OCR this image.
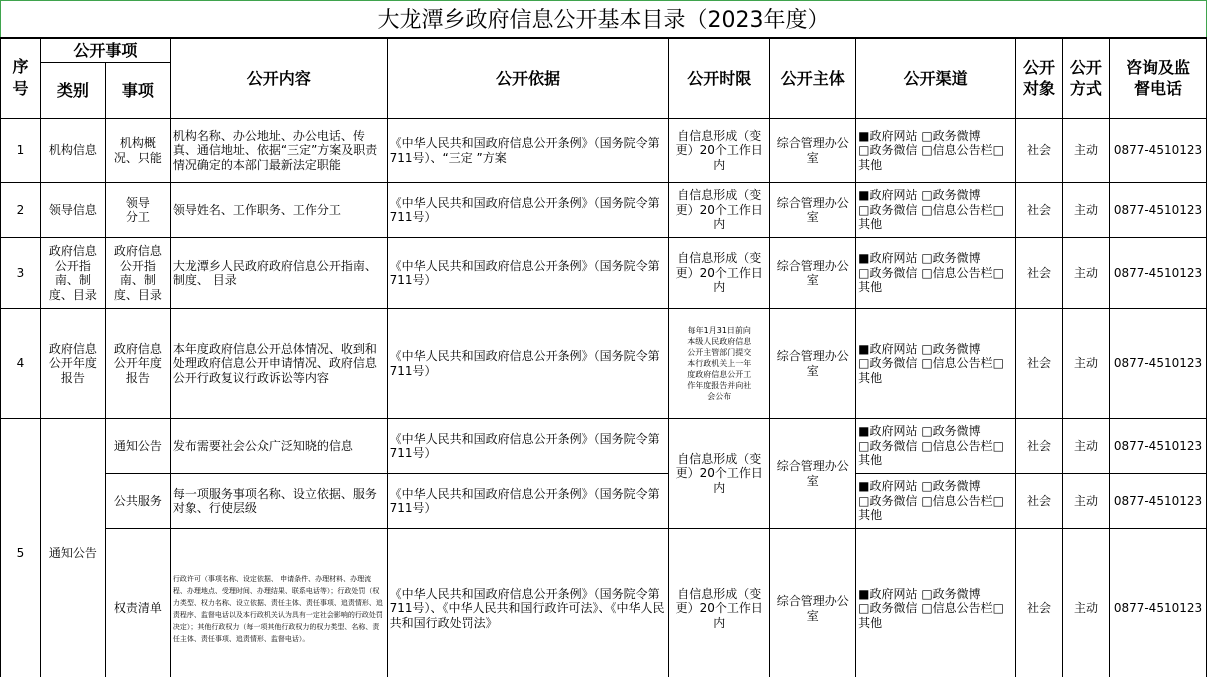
大龙潭乡政府信息公开基本目录（2023年度）										
序号	公开事项		公开内容	公开依据	公开时限	公开主体	公开渠道	公开对象	公开方式	咨询及监督电话
	类别	事项								
1	机构信息	机构概况、只能	机构名称、办公地址、办公电话、传真、通信地址、依据“三定”方案及职责情况确定的本部门最新法定职能	《中华人民共和国政府信息公开条例》（国务院令第711号）、“三定 ”方案	自信息形成（变更）20个工作日内	综合管理办公室	■政府网站 □政务微博
□政务微信 □信息公告栏□其他	社会	主动	0877-4510123
2	领导信息	领导分工	领导姓名、工作职务、工作分工	《中华人民共和国政府信息公开条例》（国务院令第711号）	自信息形成（变更）20个工作日内	综合管理办公室	■政府网站 □政务微博
□政务微信 □信息公告栏□其他	社会	主动	0877-4510123
3	政府信息公开指南、制度、目录	政府信息公开指南、制度、目录	大龙潭乡人民政府政府信息公开指南、制度、 目录	《中华人民共和国政府信息公开条例》（国务院令第711号）	自信息形成（变更）20个工作日内	综合管理办公室	■政府网站 □政务微博
□政务微信 □信息公告栏□其他	社会	主动	0877-4510123
4	政府信息公开年度报告	政府信息公开年度报告	本年度政府信息公开总体情况、收到和处理政府信息公开申请情况、政府信息公开行政复议行政诉讼等内容	《中华人民共和国政府信息公开条例》（国务院令第711号）	每年1月31日前向本级人民政府信息公开主管部门提交本行政机关上一年度政府信息公开工作年度报告并向社会公布	综合管理办公室	■政府网站 □政务微博
□政务微信 □信息公告栏□其他	社会	主动	0877-4510123
5	通知公告	通知公告	发布需要社会公众广泛知晓的信息	《中华人民共和国政府信息公开条例》（国务院令第711号）	自信息形成（变更）20个工作日内	综合管理办公室	■政府网站 □政务微博
□政务微信 □信息公告栏□其他	社会	主动	0877-4510123
		公共服务	每一项服务事项名称、设立依据、服务对象、行使层级	《中华人民共和国政府信息公开条例》（国务院令第711号）			■政府网站 □政务微博
□政务微信 □信息公告栏□其他	社会	主动	0877-4510123
		权责清单	行政许可（事项名称、设定依据、 申请条件、办理材料、办理流程、办理地点、受理时间、办理结果、联系电话等）；行政处罚（权力类型、权力名称、设立依据、责任主体、责任事项、追责情形、追责程序、监督电话以及本行政机关认为具有一定社会影响的行政处罚决定）；其他行政权力（每一项其他行政权力的权力类型、名称、责任主体、责任事项、追责情形、监督电话）。	《中华人民共和国政府信息公开条例》（国务院令第711号）、《中华人民共和国行政许可法》、《中华人民共和国行政处罚法》	自信息形成（变更）20个工作日内	综合管理办公室	■政府网站 □政务微博
□政务微信 □信息公告栏□其他	社会	主动	0877-4510123
